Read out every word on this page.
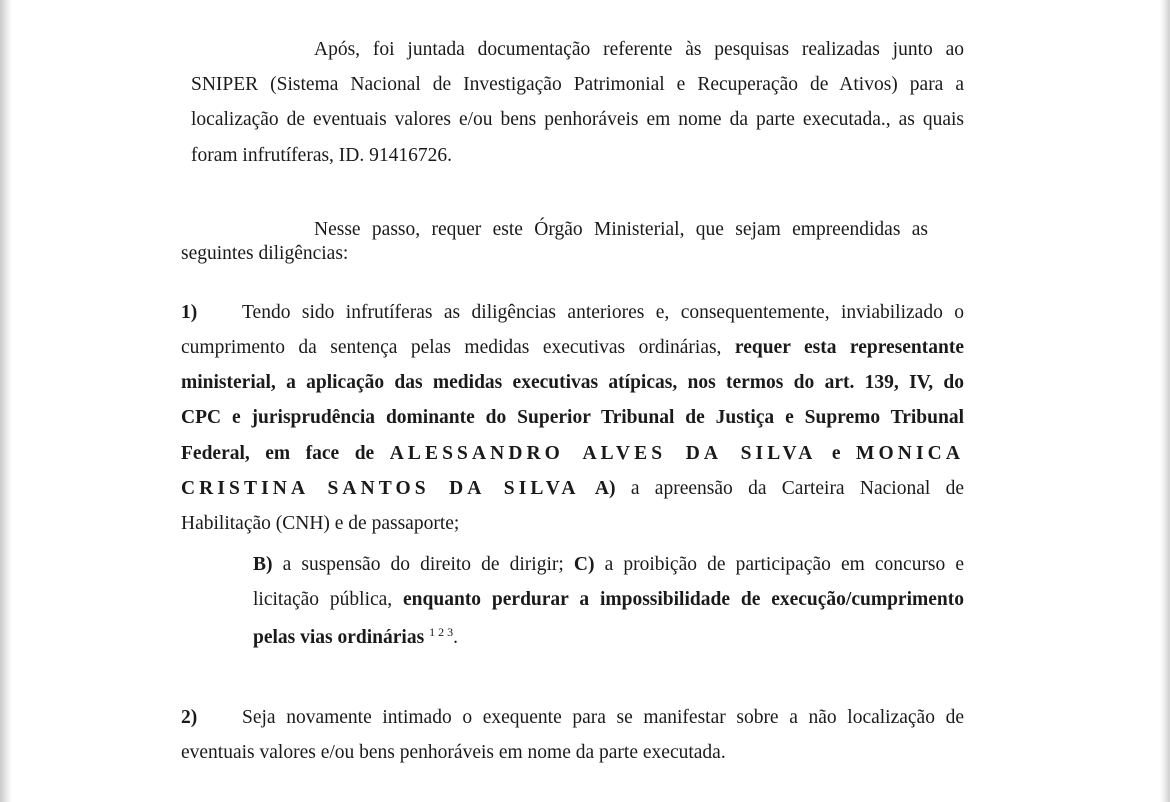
Após, foi juntada documentação referente às pesquisas realizadas junto ao
SNIPER (Sistema Nacional de Investigação Patrimonial e Recuperação de Ativos) para a
localização de eventuais valores e/ou bens penhoráveis em nome da parte executada., as quais
foram infrutíferas, ID. 91416726.
Nesse passo, requer este Órgão Ministerial, que sejam empreendidas as
seguintes diligências:
1) Tendo sido infrutíferas as diligências anteriores e, consequentemente, inviabilizado o
cumprimento da sentença pelas medidas executivas ordinárias, requer esta representante
ministerial, a aplicação das medidas executivas atípicas, nos termos do art. 139, IV, do
CPC e jurisprudência dominante do Superior Tribunal de Justiça e Supremo Tribunal
Federal, em face de ALESSANDRO ALVES DA SILVA e MONICA
CRISTINA SANTOS DA SILVA A) a apreensão da Carteira Nacional de
Habilitação (CNH) e de passaporte;
B) a suspensão do direito de dirigir; C) a proibição de participação em concurso e
licitação pública, enquanto perdurar a impossibilidade de execução/cumprimento
pelas vias ordinárias $^{1 2 3}$.
2) Seja novamente intimado o exequente para se manifestar sobre a não localização de
eventuais valores e/ou bens penhoráveis em nome da parte executada.
